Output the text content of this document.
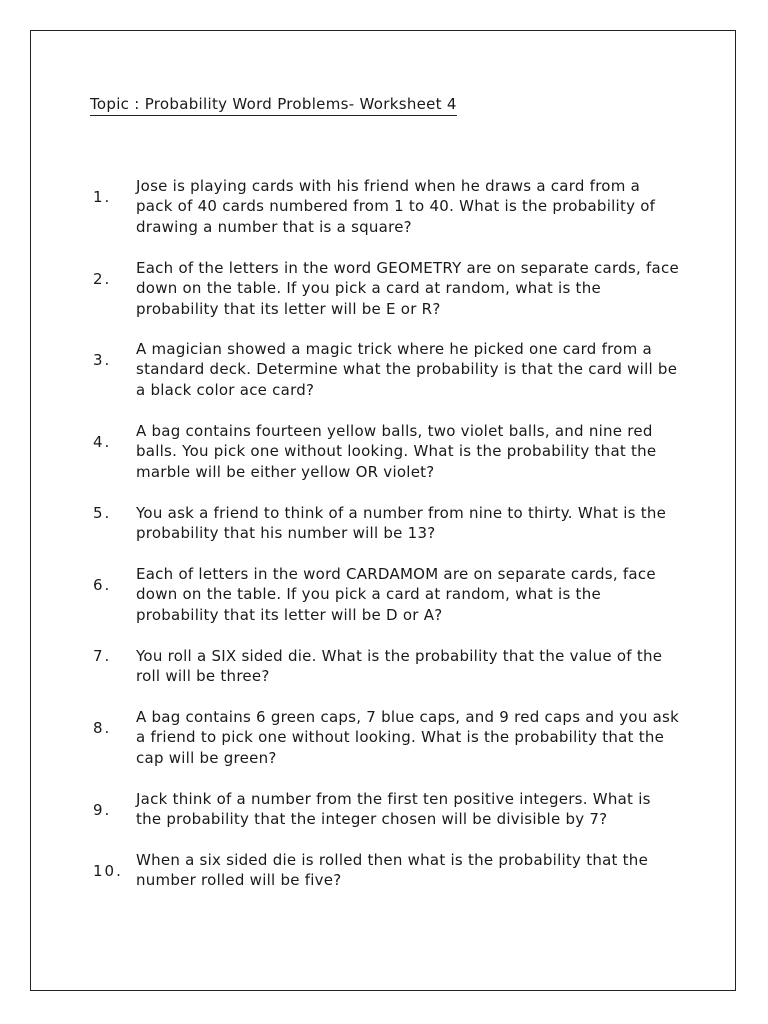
Topic : Probability Word Problems- Worksheet 4
1.

Jose is playing cards with his friend when he draws a card from a pack of 40 cards numbered from 1 to 40. What is the probability of drawing a number that is a square?

2.

Each of the letters in the word GEOMETRY are on separate cards, face down on the table. If you pick a card at random, what is the probability that its letter will be E or R?

3.

A magician showed a magic trick where he picked one card from a standard deck. Determine what the probability is that the card will be a black color ace card?

4.

A bag contains fourteen yellow balls, two violet balls, and nine red balls. You pick one without looking. What is the probability that the marble will be either yellow OR violet?

5. You ask a friend to think of a number from nine to thirty. What is the probability that his number will be 13?

6.

Each of letters in the word CARDAMOM are on separate cards, face down on the table. If you pick a card at random, what is the probability that its letter will be D or A?

7. You roll a SIX sided die. What is the probability that the value of the roll will be three?

8.

A bag contains 6 green caps, 7 blue caps, and 9 red caps and you ask a friend to pick one without looking. What is the probability that the cap will be green?

9.

Jack think of a number from the first ten positive integers. What is the probability that the integer chosen will be divisible by 7?

10.

When a six sided die is rolled then what is the probability that the number rolled will be five?
